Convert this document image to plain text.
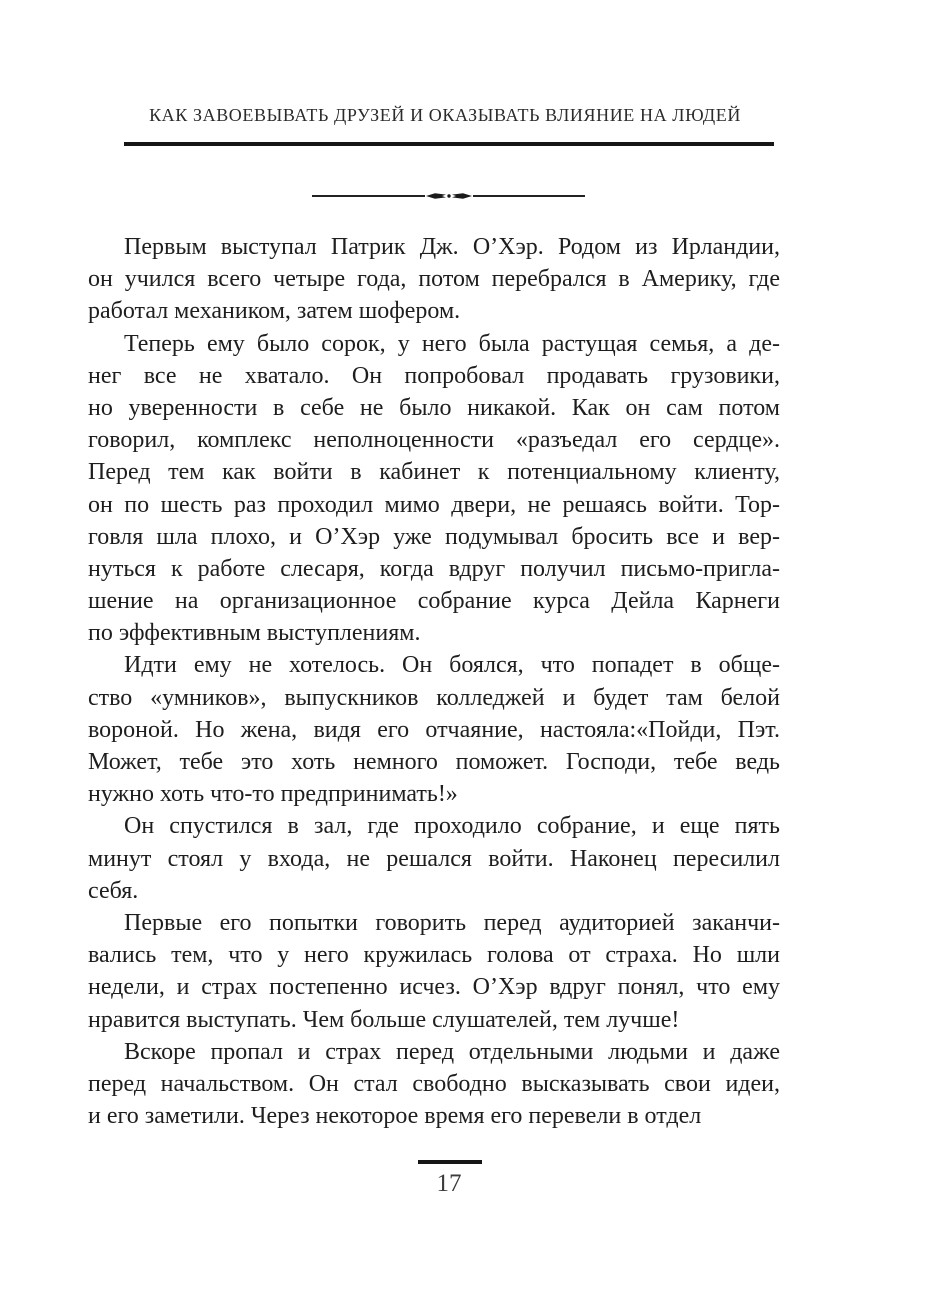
КАК ЗАВОЕВЫВАТЬ ДРУЗЕЙ И ОКАЗЫВАТЬ ВЛИЯНИЕ НА ЛЮДЕЙ
Первым выступал Патрик Дж. О’Хэр. Родом из Ирландии,
он учился всего четыре года, потом перебрался в Америку, где
работал механиком, затем шофером.
Теперь ему было сорок, у него была растущая семья, а де-
нег все не хватало. Он попробовал продавать грузовики,
но уверенности в себе не было никакой. Как он сам потом
говорил, комплекс неполноценности «разъедал его сердце».
Перед тем как войти в кабинет к потенциальному клиенту,
он по шесть раз проходил мимо двери, не решаясь войти. Тор-
говля шла плохо, и О’Хэр уже подумывал бросить все и вер-
нуться к работе слесаря, когда вдруг получил письмо-пригла-
шение на организационное собрание курса Дейла Карнеги
по эффективным выступлениям.
Идти ему не хотелось. Он боялся, что попадет в обще-
ство «умников», выпускников колледжей и будет там белой
вороной. Но жена, видя его отчаяние, настояла:«Пойди, Пэт.
Может, тебе это хоть немного поможет. Господи, тебе ведь
нужно хоть что-то предпринимать!»
Он спустился в зал, где проходило собрание, и еще пять
минут стоял у входа, не решался войти. Наконец пересилил
себя.
Первые его попытки говорить перед аудиторией заканчи-
вались тем, что у него кружилась голова от страха. Но шли
недели, и страх постепенно исчез. О’Хэр вдруг понял, что ему
нравится выступать. Чем больше слушателей, тем лучше!
Вскоре пропал и страх перед отдельными людьми и даже
перед начальством. Он стал свободно высказывать свои идеи,
и его заметили. Через некоторое время его перевели в отдел
17
